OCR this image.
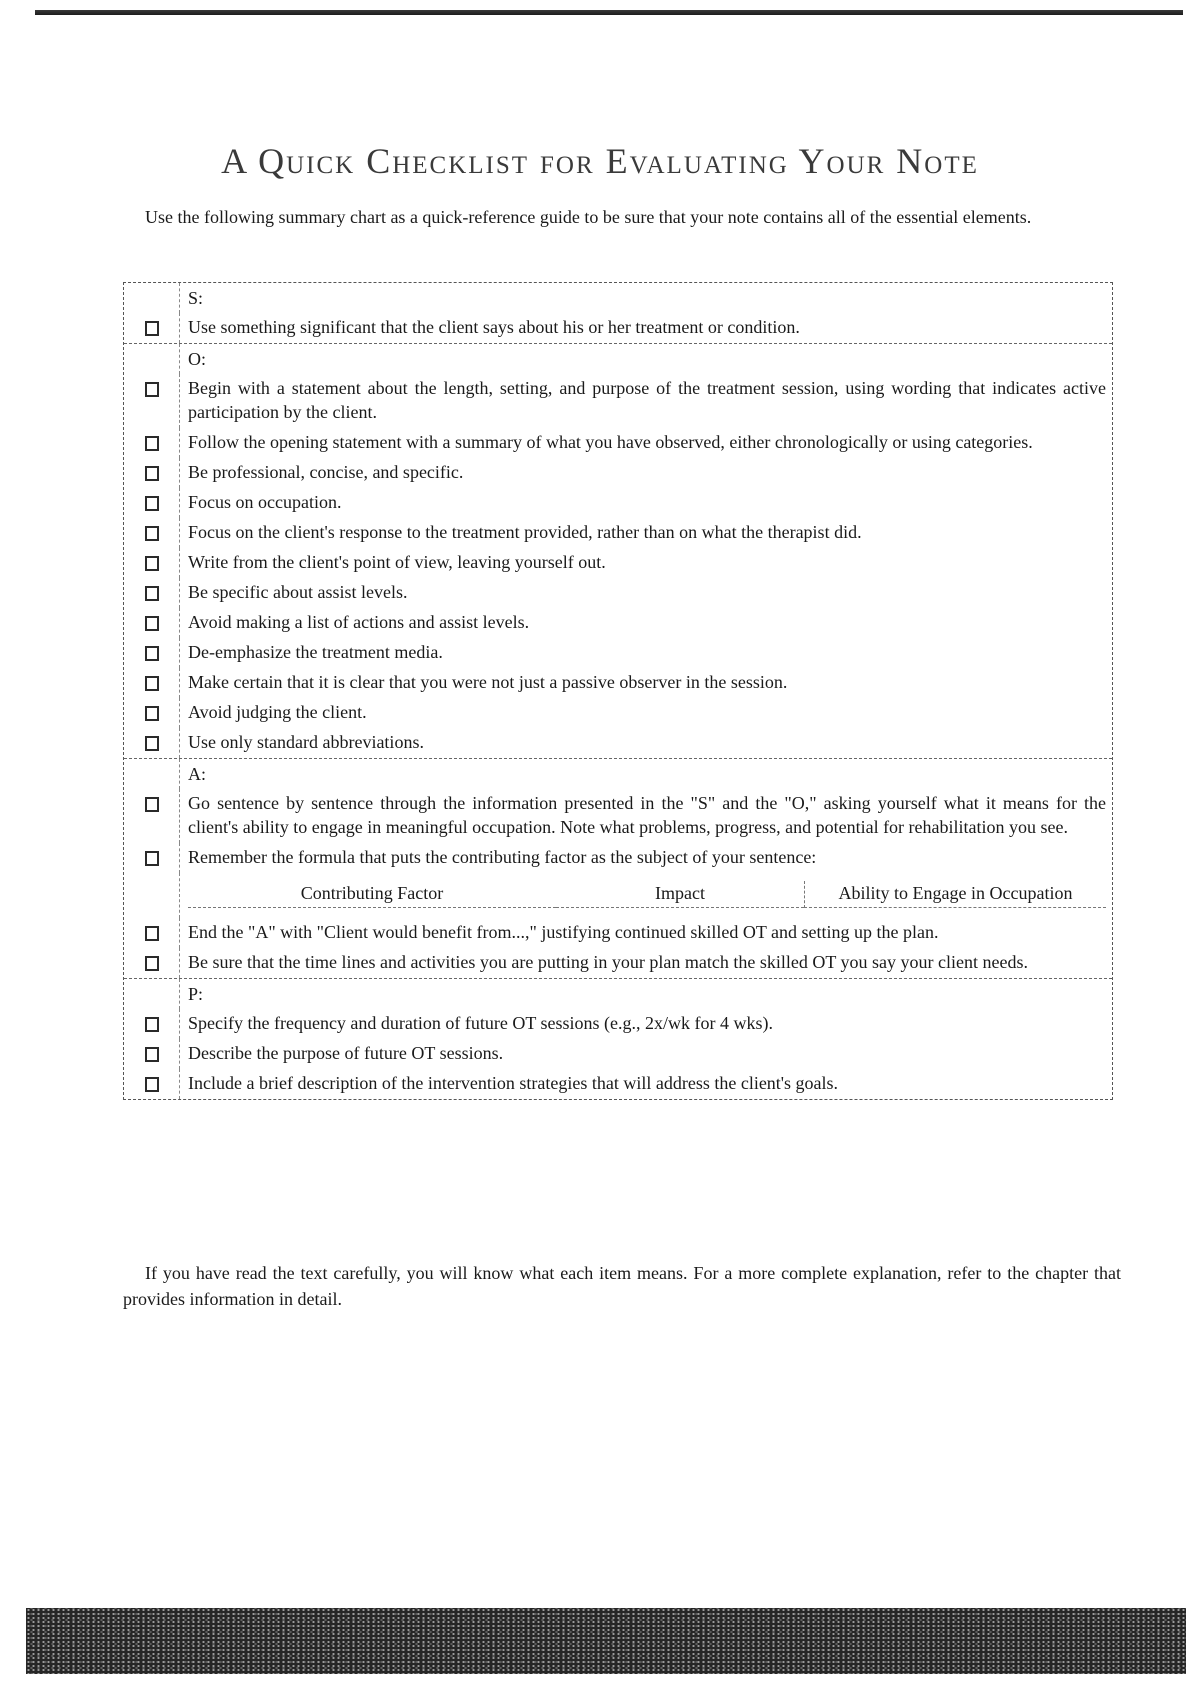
A Quick Checklist for Evaluating Your Note

Use the following summary chart as a quick-reference guide to be sure that your note contains all of the essential elements.

S:
Use something significant that the client says about his or her treatment or condition.
O:
Begin with a statement about the length, setting, and purpose of the treatment session, using wording that indicates active participation by the client.
Follow the opening statement with a summary of what you have observed, either chronologically or using categories.
Be professional, concise, and specific.
Focus on occupation.
Focus on the client's response to the treatment provided, rather than on what the therapist did.
Write from the client's point of view, leaving yourself out.
Be specific about assist levels.
Avoid making a list of actions and assist levels.
De-emphasize the treatment media.
Make certain that it is clear that you were not just a passive observer in the session.
Avoid judging the client.
Use only standard abbreviations.
A:
Go sentence by sentence through the information presented in the "S" and the "O," asking yourself what it means for the client's ability to engage in meaningful occupation. Note what problems, progress, and potential for rehabilitation you see.
Remember the formula that puts the contributing factor as the subject of your sentence:
Contributing Factor	Impact	Ability to Engage in Occupation
End the "A" with "Client would benefit from...," justifying continued skilled OT and setting up the plan.
Be sure that the time lines and activities you are putting in your plan match the skilled OT you say your client needs.
P:
Specify the frequency and duration of future OT sessions (e.g., 2x/wk for 4 wks).
Describe the purpose of future OT sessions.
Include a brief description of the intervention strategies that will address the client's goals.

If you have read the text carefully, you will know what each item means. For a more complete explanation, refer to the chapter that provides information in detail.
